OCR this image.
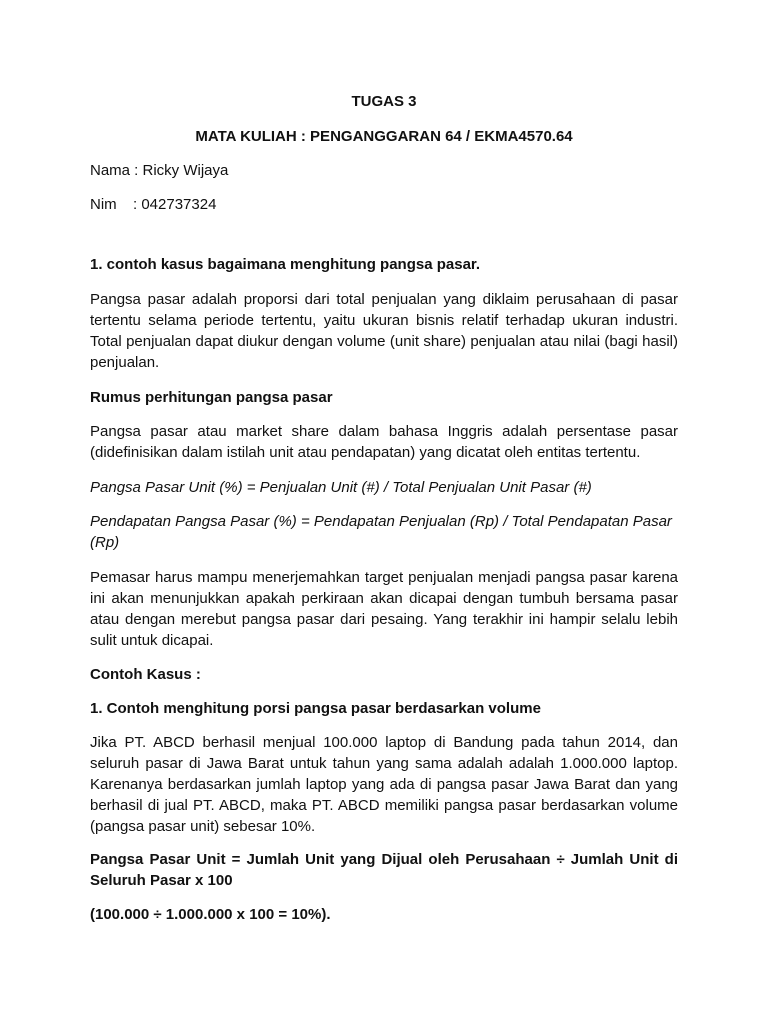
TUGAS 3

MATA KULIAH : PENGANGGARAN 64 / EKMA4570.64

Nama : Ricky Wijaya

Nim : 042737324

1. contoh kasus bagaimana menghitung pangsa pasar.

Pangsa pasar adalah proporsi dari total penjualan yang diklaim perusahaan di pasar tertentu selama periode tertentu, yaitu ukuran bisnis relatif terhadap ukuran industri. Total penjualan dapat diukur dengan volume (unit share) penjualan atau nilai (bagi hasil) penjualan.

Rumus perhitungan pangsa pasar

Pangsa pasar atau market share dalam bahasa Inggris adalah persentase pasar (didefinisikan dalam istilah unit atau pendapatan) yang dicatat oleh entitas tertentu.

Pangsa Pasar Unit (%) = Penjualan Unit (#) / Total Penjualan Unit Pasar (#)

Pendapatan Pangsa Pasar (%) = Pendapatan Penjualan (Rp) / Total Pendapatan Pasar (Rp)

Pemasar harus mampu menerjemahkan target penjualan menjadi pangsa pasar karena ini akan menunjukkan apakah perkiraan akan dicapai dengan tumbuh bersama pasar atau dengan merebut pangsa pasar dari pesaing. Yang terakhir ini hampir selalu lebih sulit untuk dicapai.

Contoh Kasus :

1. Contoh menghitung porsi pangsa pasar berdasarkan volume

Jika PT. ABCD berhasil menjual 100.000 laptop di Bandung pada tahun 2014, dan seluruh pasar di Jawa Barat untuk tahun yang sama adalah adalah 1.000.000 laptop. Karenanya berdasarkan jumlah laptop yang ada di pangsa pasar Jawa Barat dan yang berhasil di jual PT. ABCD, maka PT. ABCD memiliki pangsa pasar berdasarkan volume (pangsa pasar unit) sebesar 10%.

Pangsa Pasar Unit = Jumlah Unit yang Dijual oleh Perusahaan ÷ Jumlah Unit di Seluruh Pasar x 100

(100.000 ÷ 1.000.000 x 100 = 10%).
